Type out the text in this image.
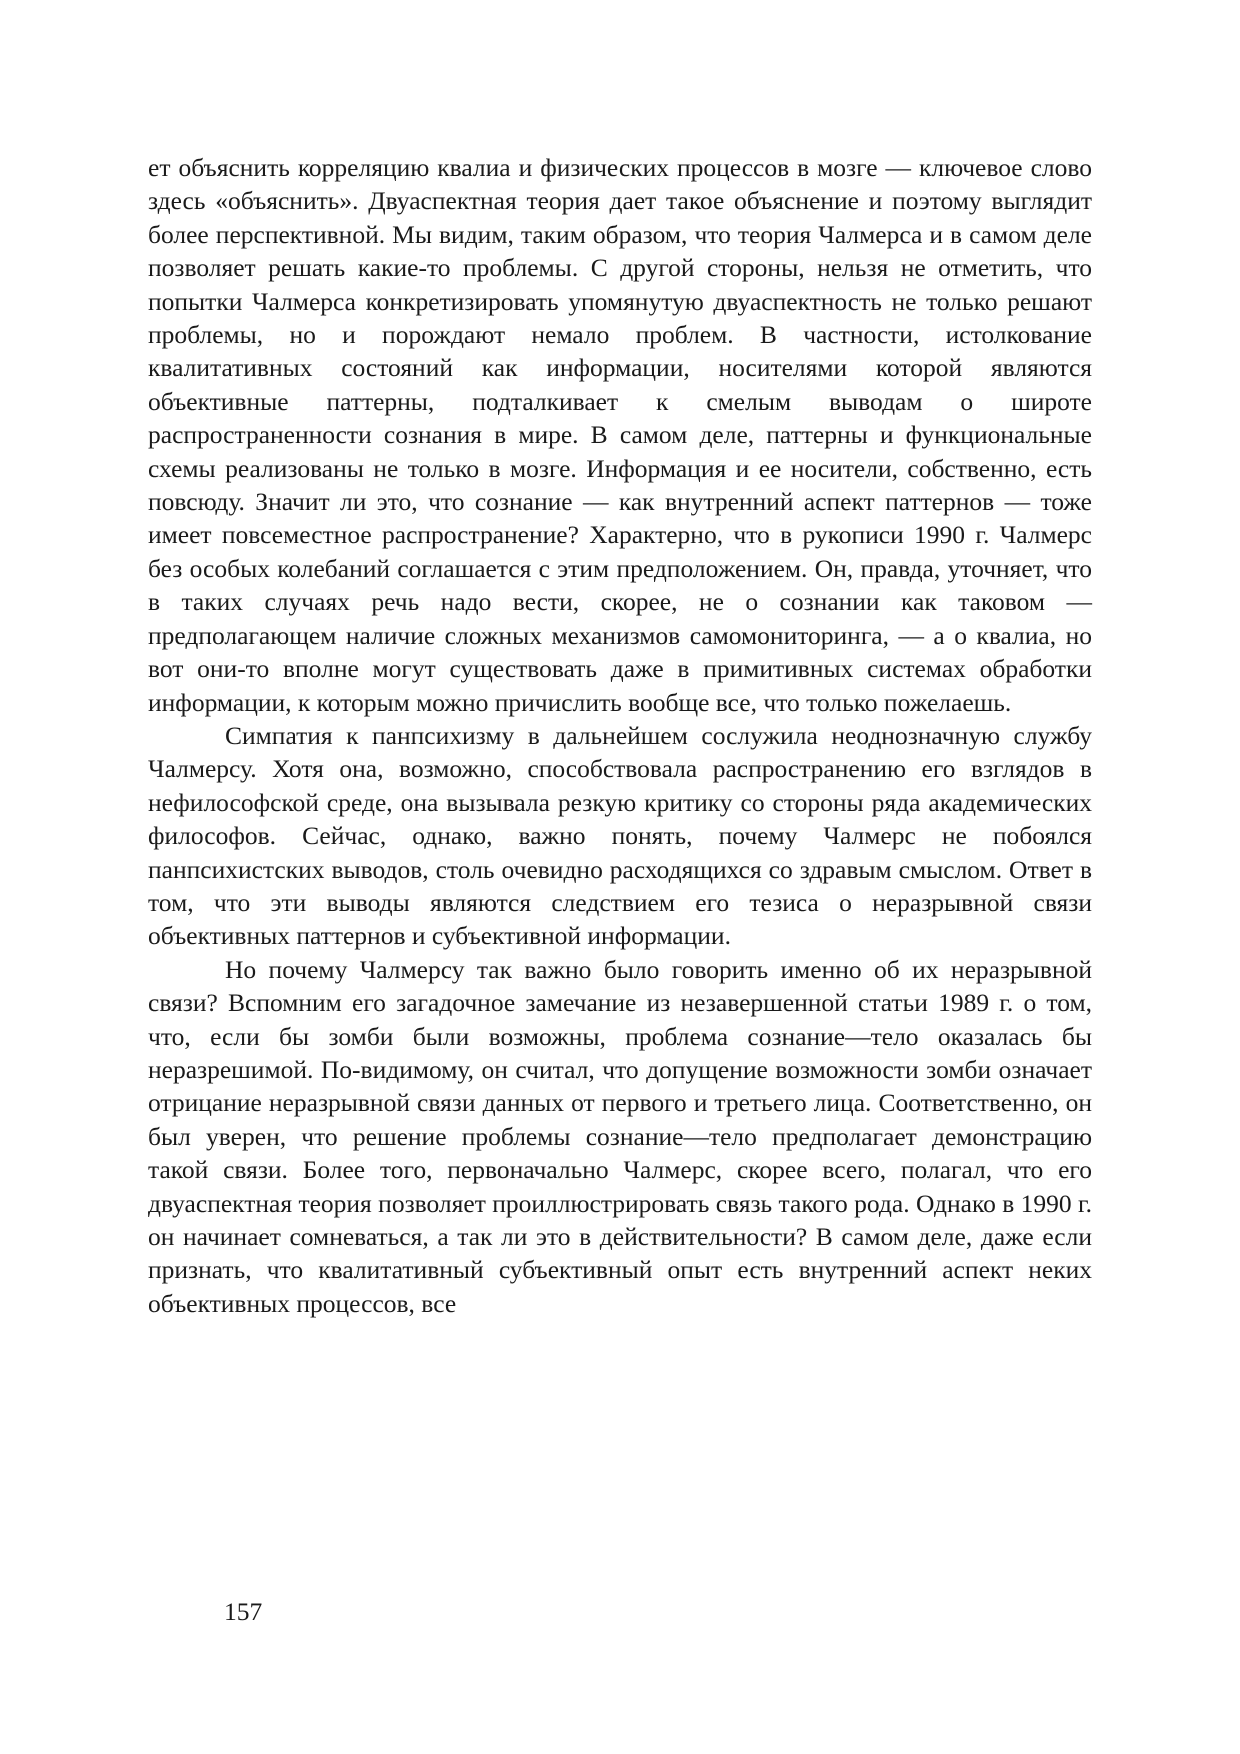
ет объяснить корреляцию квалиа и физических процессов в мозге — ключевое слово здесь «объяснить». Двуаспектная теория дает такое объяснение и поэтому выглядит более перспективной. Мы видим, таким образом, что теория Чалмерса и в самом деле позволяет решать какие-то проблемы. С другой стороны, нельзя не отметить, что попытки Чалмерса конкретизировать упомянутую двуаспектность не только решают проблемы, но и порождают немало проблем. В частности, истолкование квалитативных состояний как информации, носителями которой являются объективные паттерны, подталкивает к смелым выводам о широте распространенности сознания в мире. В самом деле, паттерны и функциональные схемы реализованы не только в мозге. Информация и ее носители, собственно, есть повсюду. Значит ли это, что сознание — как внутренний аспект паттернов — тоже имеет повсеместное распространение? Характерно, что в рукописи 1990 г. Чалмерс без особых колебаний соглашается с этим предположением. Он, правда, уточняет, что в таких случаях речь надо вести, скорее, не о сознании как таковом — предполагающем наличие сложных механизмов самомониторинга, — а о квалиа, но вот они-то вполне могут существовать даже в примитивных системах обработки информации, к которым можно причислить вообще все, что только пожелаешь.

Симпатия к панпсихизму в дальнейшем сослужила неоднозначную службу Чалмерсу. Хотя она, возможно, способствовала распространению его взглядов в нефилософской среде, она вызывала резкую критику со стороны ряда академических философов. Сейчас, однако, важно понять, почему Чалмерс не побоялся панпсихистских выводов, столь очевидно расходящихся со здравым смыслом. Ответ в том, что эти выводы являются следствием его тезиса о неразрывной связи объективных паттернов и субъективной информации.

Но почему Чалмерсу так важно было говорить именно об их неразрывной связи? Вспомним его загадочное замечание из незавершенной статьи 1989 г. о том, что, если бы зомби были возможны, проблема сознание—тело оказалась бы неразрешимой. По-видимому, он считал, что допущение возможности зомби означает отрицание неразрывной связи данных от первого и третьего лица. Соответственно, он был уверен, что решение проблемы сознание—тело предполагает демонстрацию такой связи. Более того, первоначально Чалмерс, скорее всего, полагал, что его двуаспектная теория позволяет проиллюстрировать связь такого рода. Однако в 1990 г. он начинает сомневаться, а так ли это в действительности? В самом деле, даже если признать, что квалитативный субъективный опыт есть внутренний аспект неких объективных процессов, все

157
